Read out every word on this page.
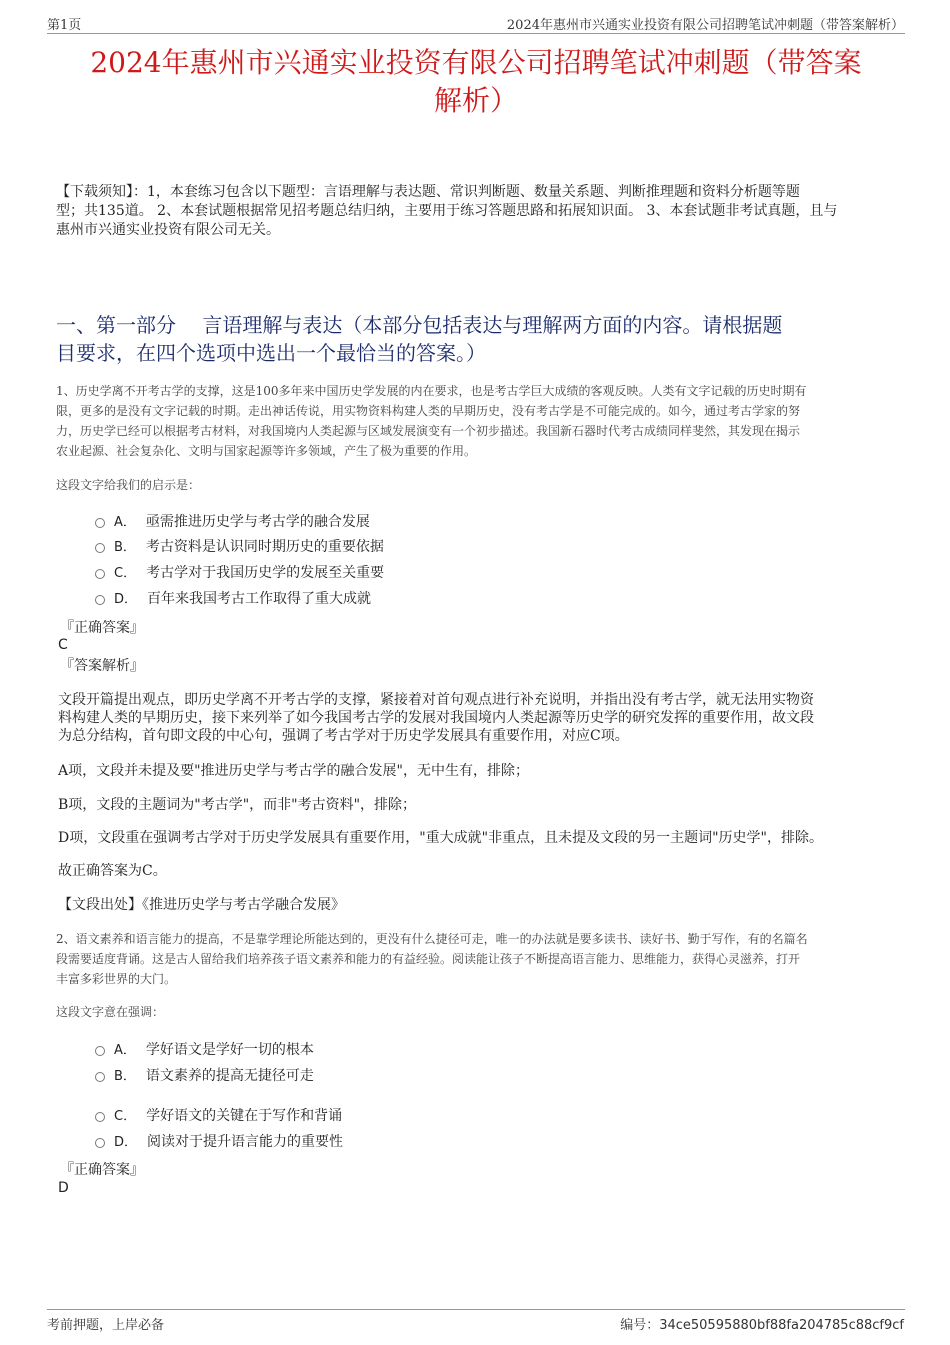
第1页	2024年惠州市兴通实业投资有限公司招聘笔试冲刺题（带答案解析）
2024年惠州市兴通实业投资有限公司招聘笔试冲刺题（带答案
解析）
【下载须知】：1，本套练习包含以下题型：言语理解与表达题、常识判断题、数量关系题、判断推理题和资料分析题等题
型；共135道。 2、本套试题根据常见招考题总结归纳，主要用于练习答题思路和拓展知识面。 3、本套试题非考试真题，且与
惠州市兴通实业投资有限公司无关。
一、第一部分　 言语理解与表达（本部分包括表达与理解两方面的内容。请根据题
目要求，在四个选项中选出一个最恰当的答案。）
1、历史学离不开考古学的支撑，这是100多年来中国历史学发展的内在要求，也是考古学巨大成绩的客观反映。人类有文字记载的历史时期有
限，更多的是没有文字记载的时期。走出神话传说，用实物资料构建人类的早期历史，没有考古学是不可能完成的。如今，通过考古学家的努
力，历史学已经可以根据考古材料，对我国境内人类起源与区域发展演变有一个初步描述。我国新石器时代考古成绩同样斐然，其发现在揭示
农业起源、社会复杂化、文明与国家起源等许多领域，产生了极为重要的作用。
这段文字给我们的启示是：
A． 亟需推进历史学与考古学的融合发展
B． 考古资料是认识同时期历史的重要依据
C． 考古学对于我国历史学的发展至关重要
D． 百年来我国考古工作取得了重大成就
『正确答案』
C
『答案解析』
文段开篇提出观点，即历史学离不开考古学的支撑，紧接着对首句观点进行补充说明，并指出没有考古学，就无法用实物资
料构建人类的早期历史，接下来列举了如今我国考古学的发展对我国境内人类起源等历史学的研究发挥的重要作用，故文段
为总分结构，首句即文段的中心句，强调了考古学对于历史学发展具有重要作用，对应C项。
A项，文段并未提及要"推进历史学与考古学的融合发展"，无中生有，排除；
B项，文段的主题词为"考古学"，而非"考古资料"，排除；
D项，文段重在强调考古学对于历史学发展具有重要作用，"重大成就"非重点，且未提及文段的另一主题词"历史学"，排除。
故正确答案为C。
【文段出处】《推进历史学与考古学融合发展》
2、语文素养和语言能力的提高，不是靠学理论所能达到的，更没有什么捷径可走，唯一的办法就是要多读书、读好书、勤于写作，有的名篇名
段需要适度背诵。这是古人留给我们培养孩子语文素养和能力的有益经验。阅读能让孩子不断提高语言能力、思维能力，获得心灵滋养，打开
丰富多彩世界的大门。
这段文字意在强调：
A． 学好语文是学好一切的根本
B． 语文素养的提高无捷径可走
C． 学好语文的关键在于写作和背诵
D． 阅读对于提升语言能力的重要性
『正确答案』
D
考前押题，上岸必备	编号：34ce50595880bf88fa204785c88cf9cf
